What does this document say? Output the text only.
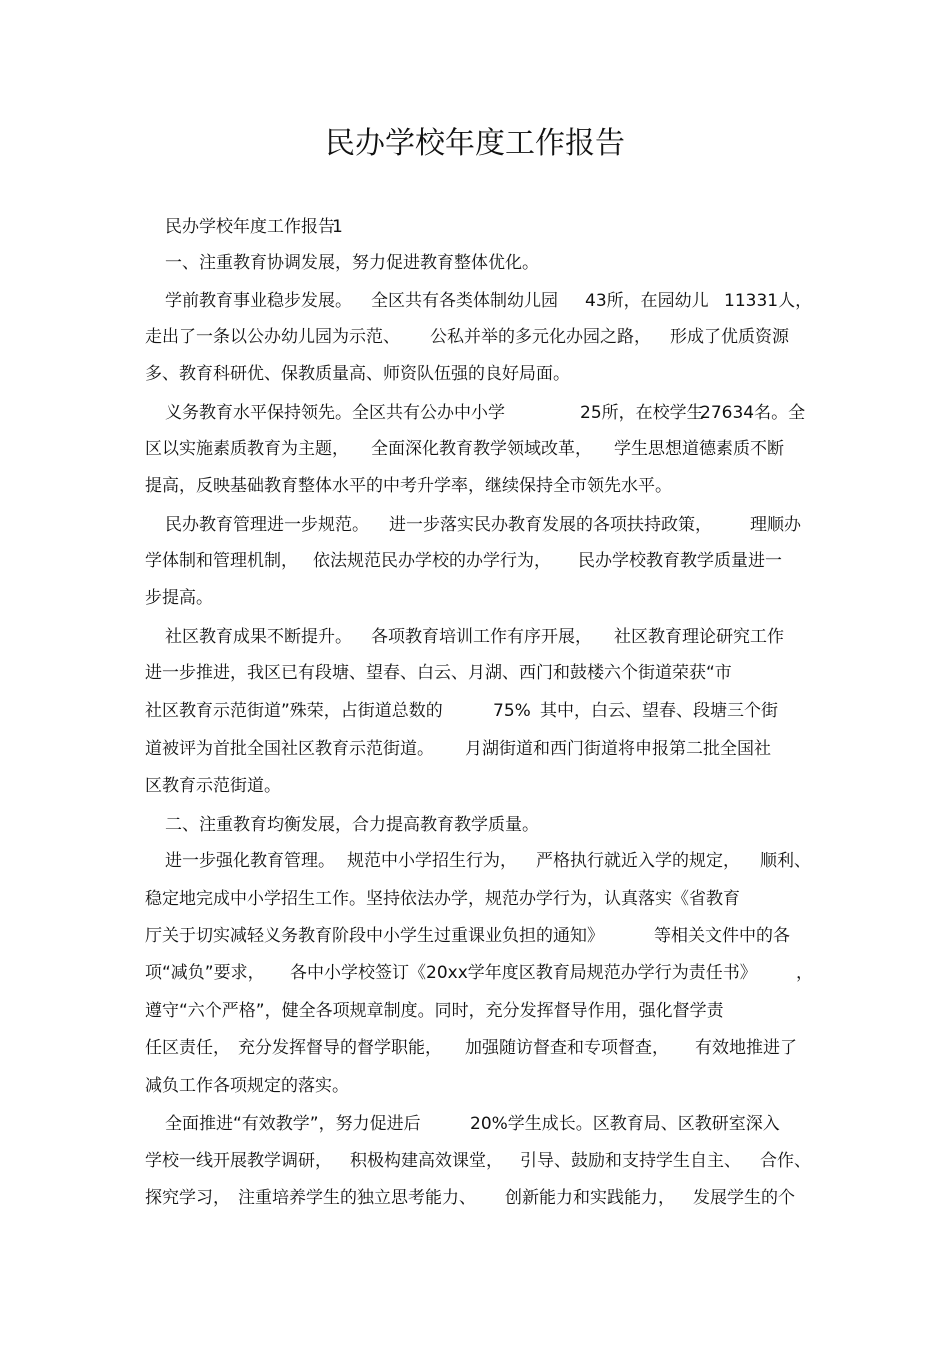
民办学校年度工作报告
民办学校年度工作报告
1
一、注重教育协调发展，努力促进教育整体优化。
学前教育事业稳步发展。 全区共有各类体制幼儿园 43所，在园幼儿 11331人，
走出了一条以公办幼儿园为示范、 公私并举的多元化办园之路， 形成了优质资源
多、教育科研优、保教质量高、师资队伍强的良好局面。
义务教育水平保持领先。全区共有公办中小学	25所，在校学生
27634名。全
区以实施素质教育为主题， 全面深化教育教学领域改革， 学生思想道德素质不断
提高，反映基础教育整体水平的中考升学率，继续保持全市领先水平。
民办教育管理进一步规范。 进一步落实民办教育发展的各项扶持政策， 理顺办
学体制和管理机制， 依法规范民办学校的办学行为， 民办学校教育教学质量进一
步提高。
社区教育成果不断提升。 各项教育培训工作有序开展， 社区教育理论研究工作
进一步推进，我区已有段塘、望春、白云、月湖、西门和鼓楼六个街道荣获“市
社区教育示范街道”殊荣，占街道总数的	75% 其中，白云、望春、段塘三个街
道被评为首批全国社区教育示范街道。 月湖街道和西门街道将申报第二批全国社
区教育示范街道。
二、注重教育均衡发展，合力提高教育教学质量。
进一步强化教育管理。 规范中小学招生行为， 严格执行就近入学的规定， 顺利、
稳定地完成中小学招生工作。坚持依法办学，规范办学行为，认真落实《省教育
厅关于切实减轻义务教育阶段中小学生过重课业负担的通知》	等相关文件中的各
项“减负”要求， 各中小学校签订《20xx学年度区教育局规范办学行为责任书》 ，
遵守“六个严格”，健全各项规章制度。同时，充分发挥督导作用，强化督学责
任区责任， 充分发挥督导的督学职能， 加强随访督查和专项督查， 有效地推进了
减负工作各项规定的落实。
全面推进“有效教学”，努力促进后	20%学生成长。区教育局、区教研室深入
学校一线开展教学调研， 积极构建高效课堂， 引导、鼓励和支持学生自主、 合作、
探究学习， 注重培养学生的独立思考能力、 创新能力和实践能力， 发展学生的个
